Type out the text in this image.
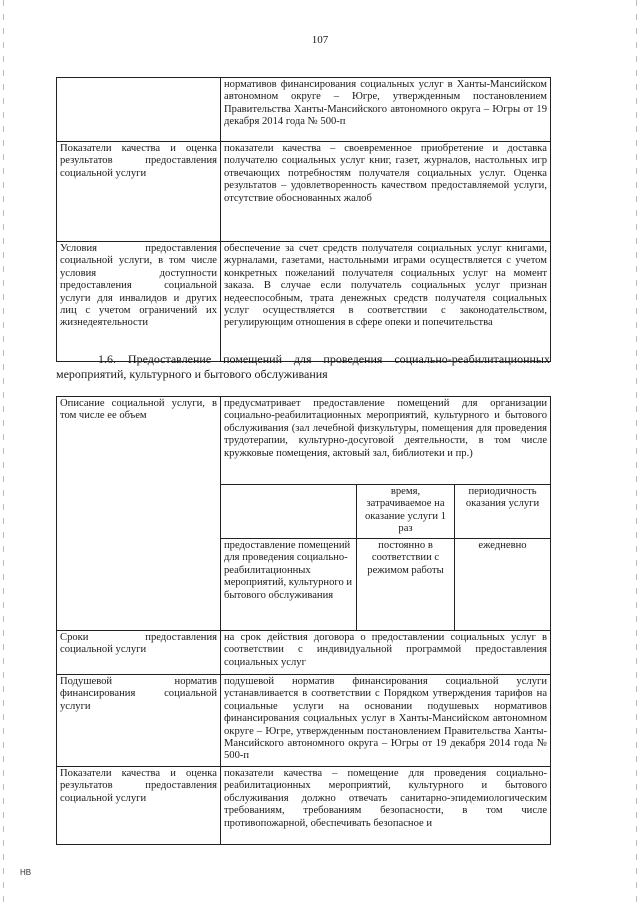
107
	нормативов финансирования социальных услуг в Ханты-Мансийском автономном округе – Югре, утвержденным постановлением Правительства Ханты-Мансийского автономного округа – Югры от 19 декабря 2014 года № 500-п
Показатели качества и оценка результатов предоставления социальной услуги	показатели качества – своевременное приобретение и доставка получателю социальных услуг книг, газет, журналов, настольных игр отвечающих потребностям получателя социальных услуг. Оценка результатов – удовлетворенность качеством предоставляемой услуги, отсутствие обоснованных жалоб
Условия предоставления социальной услуги, в том числе условия доступности предоставления социальной услуги для инвалидов и других лиц с учетом ограничений их жизнедеятельности	обеспечение за счет средств получателя социальных услуг книгами, журналами, газетами, настольными играми осуществляется с учетом конкретных пожеланий получателя социальных услуг на момент заказа. В случае если получатель социальных услуг признан недееспособным, трата денежных средств получателя социальных услуг осуществляется в соответствии с законодательством, регулирующим отношения в сфере опеки и попечительства
1.6. Предоставление помещений для проведения социально-реабилитационных мероприятий, культурного и бытового обслуживания
Описание социальной услуги, в том числе ее объем	предусматривает предоставление помещений для организации социально-реабилитационных мероприятий, культурного и бытового обслуживания (зал лечебной физкультуры, помещения для проведения трудотерапии, культурно-досуговой деятельности, в том числе кружковые помещения, актовый зал, библиотеки и пр.)		
		время, затрачиваемое на оказание услуги 1 раз	периодичность оказания услуги
	предоставление помещений для проведения социально-реабилитационных мероприятий, культурного и бытового обслуживания	постоянно в соответствии с режимом работы	ежедневно
Сроки предоставления социальной услуги	на срок действия договора о предоставлении социальных услуг в соответствии с индивидуальной программой предоставления социальных услуг		
Подушевой норматив финансирования социальной услуги	подушевой норматив финансирования социальной услуги устанавливается в соответствии с Порядком утверждения тарифов на социальные услуги на основании подушевых нормативов финансирования социальных услуг в Ханты-Мансийском автономном округе – Югре, утвержденным постановлением Правительства Ханты-Мансийского автономного округа – Югры от 19 декабря 2014 года № 500-п		
Показатели качества и оценка результатов предоставления социальной услуги	показатели качества – помещение для проведения социально-реабилитационных мероприятий, культурного и бытового обслуживания должно отвечать санитарно-эпидемиологическим требованиям, требованиям безопасности, в том числе противопожарной, обеспечивать безопасное и		
HB
